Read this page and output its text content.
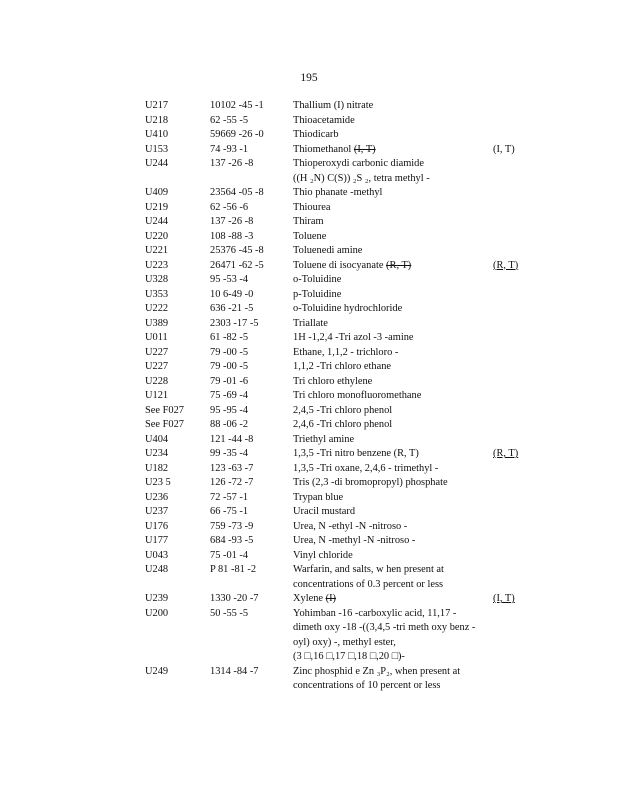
195
U217	10102 -45 -1	Thallium (I) nitrate
U218	62 -55 -5	Thioacetamide
U410	59669 -26 -0	Thiodicarb
U153	74 -93 -1	Thiomethanol (I, T)	(I, T)
U244	137 -26 -8	Thioperoxydi carbonic diamide
((H ₂N) C(S)) ₂S ₂, tetra methyl -
U409	23564 -05 -8	Thio phanate -methyl
U219	62 -56 -6	Thiourea
U244	137 -26 -8	Thiram
U220	108 -88 -3	Toluene
U221	25376 -45 -8	Toluenedi amine
U223	26471 -62 -5	Toluene di isocyanate (R, T)	(R, T)
U328	95 -53 -4	o-Toluidine
U353	10 6-49 -0	p-Toluidine
U222	636 -21 -5	o-Toluidine hydrochloride
U389	2303 -17 -5	Triallate
U011	61 -82 -5	1H -1,2,4 -Tri azol -3 -amine
U227	79 -00 -5	Ethane, 1,1,2 - trichloro -
U227	79 -00 -5	1,1,2 -Tri chloro ethane
U228	79 -01 -6	Tri chloro ethylene
U121	75 -69 -4	Tri chloro monofluoromethane
See F027	95 -95 -4	2,4,5 -Tri chloro phenol
See F027	88 -06 -2	2,4,6 -Tri chloro phenol
U404	121 -44 -8	Triethyl amine
U234	99 -35 -4	1,3,5 -Tri nitro benzene (R, T)	(R, T)
U182	123 -63 -7	1,3,5 -Tri oxane, 2,4,6 - trimethyl -
U23 5	126 -72 -7	Tris (2,3 -di bromopropyl) phosphate
U236	72 -57 -1	Trypan blue
U237	66 -75 -1	Uracil mustard
U176	759 -73 -9	Urea, N -ethyl -N -nitroso -
U177	684 -93 -5	Urea, N -methyl -N -nitroso -
U043	75 -01 -4	Vinyl chloride
U248	P 81 -81 -2	Warfarin, and salts, w hen present at
concentrations of 0.3 percent or less
U239	1330 -20 -7	Xylene (I)	(I, T)
U200	50 -55 -5	Yohimban -16 -carboxylic acid, 11,17 -
dimeth oxy -18 -((3,4,5 -tri meth oxy benz -
oyl) oxy) -, methyl ester,
(3 □,16 □,17 □,18 □,20 □)-
U249	1314 -84 -7	Zinc phosphid e Zn ₃P₂, when present at
concentrations of 10 percent or less
